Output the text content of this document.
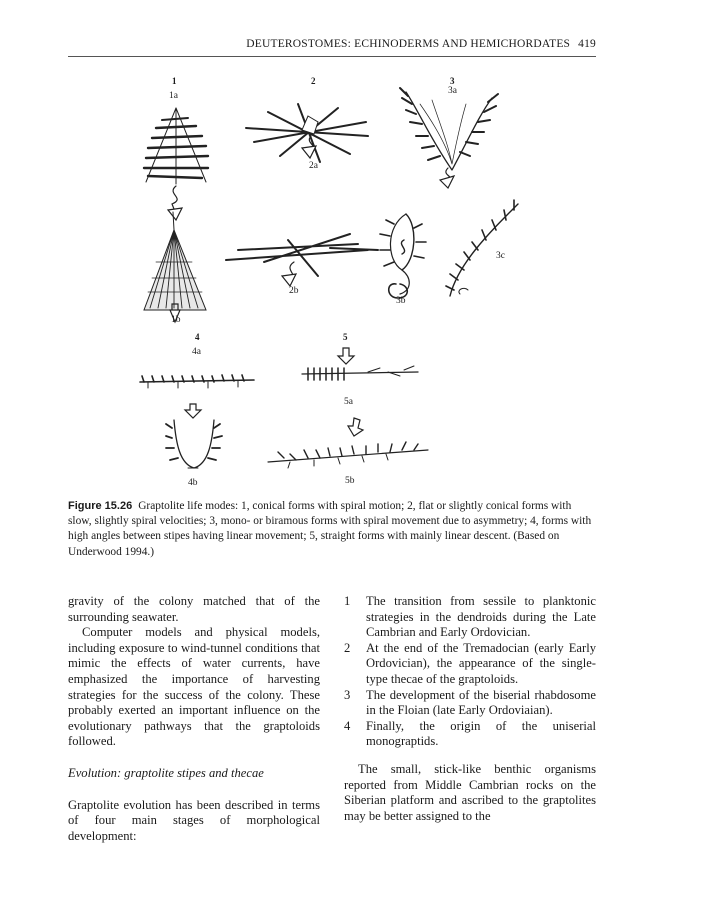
DEUTEROSTOMES: ECHINODERMS AND HEMICHORDATES 419
1
1a
1b
2
2a
2b
3
3a
3b
3c
4
4a
4b
5
5a
5b
Figure 15.26 Graptolite life modes: 1, conical forms with spiral motion; 2, flat or slightly conical forms with slow, slightly spiral velocities; 3, mono- or biramous forms with spiral movement due to asymmetry; 4, forms with high angles between stipes having linear movement; 5, straight forms with mainly linear descent. (Based on Underwood 1994.)

gravity of the colony matched that of the surrounding seawater.

Computer models and physical models, including exposure to wind-tunnel conditions that mimic the effects of water currents, have emphasized the importance of harvesting strategies for the success of the colony. These probably exerted an important influence on the evolutionary pathways that the graptoloids followed.

Evolution: graptolite stipes and thecae

Graptolite evolution has been described in terms of four main stages of morphological development:

1 The transition from sessile to planktonic strategies in the dendroids during the Late Cambrian and Early Ordovician.
2 At the end of the Tremadocian (early Early Ordovician), the appearance of the single-type thecae of the graptoloids.
3 The development of the biserial rhabdosome in the Floian (late Early Ordoviaian).
4 Finally, the origin of the uniserial monograptids.

The small, stick-like benthic organisms reported from Middle Cambrian rocks on the Siberian platform and ascribed to the graptolites may be better assigned to the
